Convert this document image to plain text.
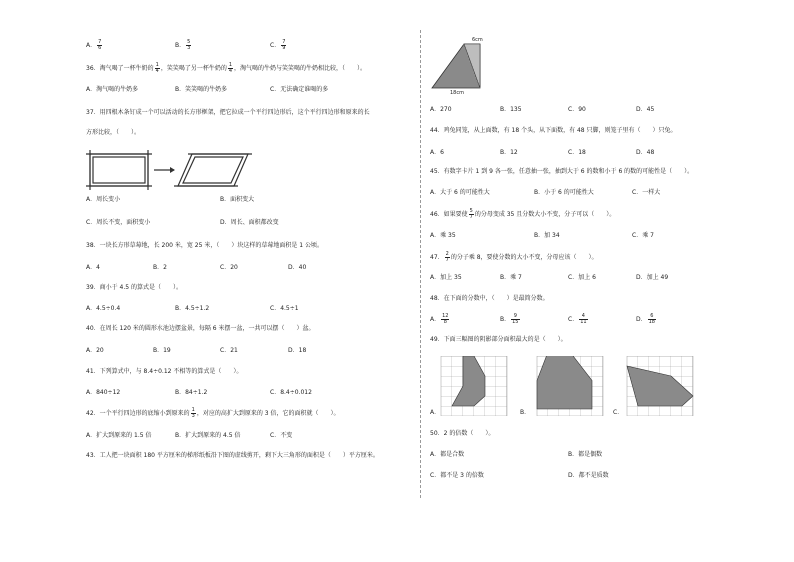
A． $\frac{7}{6}$	B． $\frac{5}{3}$	C． $\frac{7}{9}$
36．淘气喝了一杯牛奶的 $\frac{1}{4}$ ，笑笑喝了另一杯牛奶的 $\frac{1}{4}$ ，淘气喝的牛奶与笑笑喝的牛奶相比较，（　　）。
A．淘气喝的牛奶多	B．笑笑喝的牛奶多	C．无法确定谁喝的多
37．用四根木条钉成一个可以活动的长方形框架，把它拉成一个平行四边形后，这个平行四边形和原来的长
方形比较，（　　）。
A．周长变小	B．面积变大
C．周长不变，面积变小	D．周长、面积都改变
38．一块长方形草莓地，长 200 米，宽 25 米，（　　）块这样的草莓地面积是 1 公顷。
A．4	B．2	C．20	D．40
39．商小于 4.5 的算式是（　　）。
A．4.5÷0.4	B．4.5÷1.2	C．4.5÷1
40．在周长 120 米的圆形水池边摆盆景，每隔 6 米摆一盆，一共可以摆（　　）盆。
A．20	B．19	C．21	D．18
41．下列算式中，与 8.4÷0.12 不相等的算式是（　　）。
A．840÷12	B．84÷1.2	C．8.4÷0.012
42．一个平行四边形的底缩小到原来的 $\frac{1}{3}$ ，对应的高扩大到原来的 3 倍，它的面积就（　　）。
A．扩大到原来的 1.5 倍	B．扩大到原来的 4.5 倍	C．不变
43．工人把一块面积 180 平方厘米的梯形纸板沿下图的虚线剪开，剩下大三角形的面积是（　　）平方厘米。
6cm
18cm
A．270	B．135	C．90	D．45
44．鸡兔同笼，从上面数，有 18 个头，从下面数，有 48 只脚，则笼子里有（　　）只兔。
A．6	B．12	C．18	D．48
45．有数字卡片 1 到 9 各一张，任意抽一张，抽到大于 6 的数和小于 6 的数的可能性是（　　）。
A．大于 6 的可能性大	B．小于 6 的可能性大	C．一样大
46．如果要使 $\frac{5}{7}$ 的分母变成 35 且分数大小不变，分子可以（　　）。
A．乘 35	B．加 34	C．乘 7
47． $\frac{2}{7}$ 的分子乘 8，要使分数的大小不变，分母应该（　　）。
A．加上 35	B．乘 7	C．加上 6	D．加上 49
48．在下面的分数中，（　　）是最简分数。
A． $\frac{12}{8}$	B． $\frac{9}{15}$	C． $\frac{4}{11}$	D． $\frac{6}{18}$
49．下面三幅图的阴影部分面积最大的是（　　）。
A．	B．	C．
50．2 的倍数（　　）。
A．都是合数	B．都是偶数
C．都不是 3 的倍数	D．都不是质数
